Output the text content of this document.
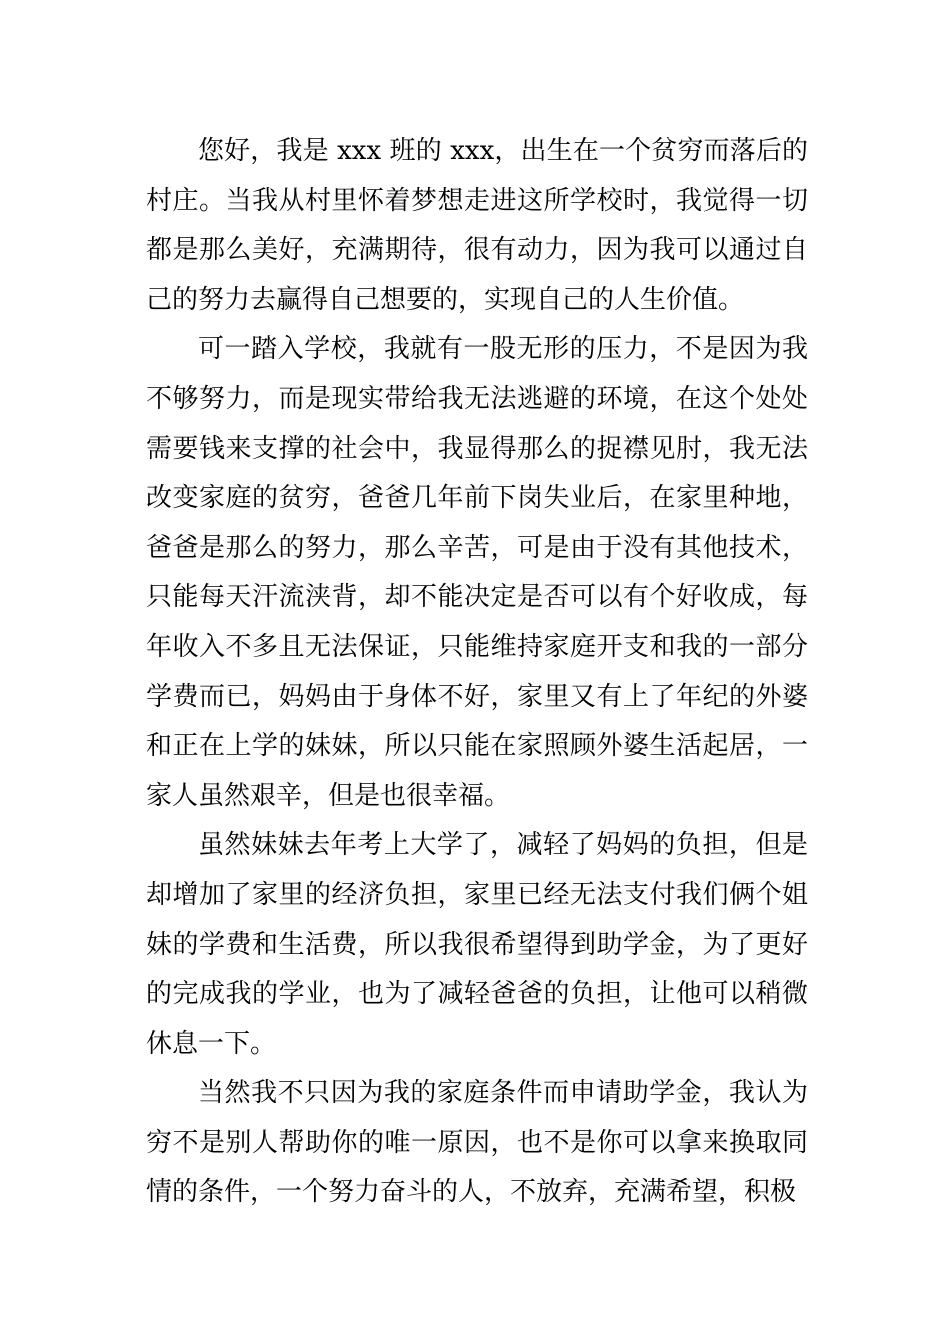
您好，我是 xxx 班的 xxx，出生在一个贫穷而落后的村庄。当我从村里怀着梦想走进这所学校时，我觉得一切都是那么美好，充满期待，很有动力，因为我可以通过自己的努力去赢得自己想要的，实现自己的人生价值。

可一踏入学校，我就有一股无形的压力，不是因为我不够努力，而是现实带给我无法逃避的环境，在这个处处需要钱来支撑的社会中，我显得那么的捉襟见肘，我无法改变家庭的贫穷，爸爸几年前下岗失业后，在家里种地，爸爸是那么的努力，那么辛苦，可是由于没有其他技术，只能每天汗流浃背，却不能决定是否可以有个好收成，每年收入不多且无法保证，只能维持家庭开支和我的一部分学费而已，妈妈由于身体不好，家里又有上了年纪的外婆和正在上学的妹妹，所以只能在家照顾外婆生活起居，一家人虽然艰辛，但是也很幸福。

虽然妹妹去年考上大学了，减轻了妈妈的负担，但是却增加了家里的经济负担，家里已经无法支付我们俩个姐妹的学费和生活费，所以我很希望得到助学金，为了更好的完成我的学业，也为了减轻爸爸的负担，让他可以稍微休息一下。

当然我不只因为我的家庭条件而申请助学金，我认为穷不是别人帮助你的唯一原因，也不是你可以拿来换取同情的条件，一个努力奋斗的人，不放弃，充满希望，积极
